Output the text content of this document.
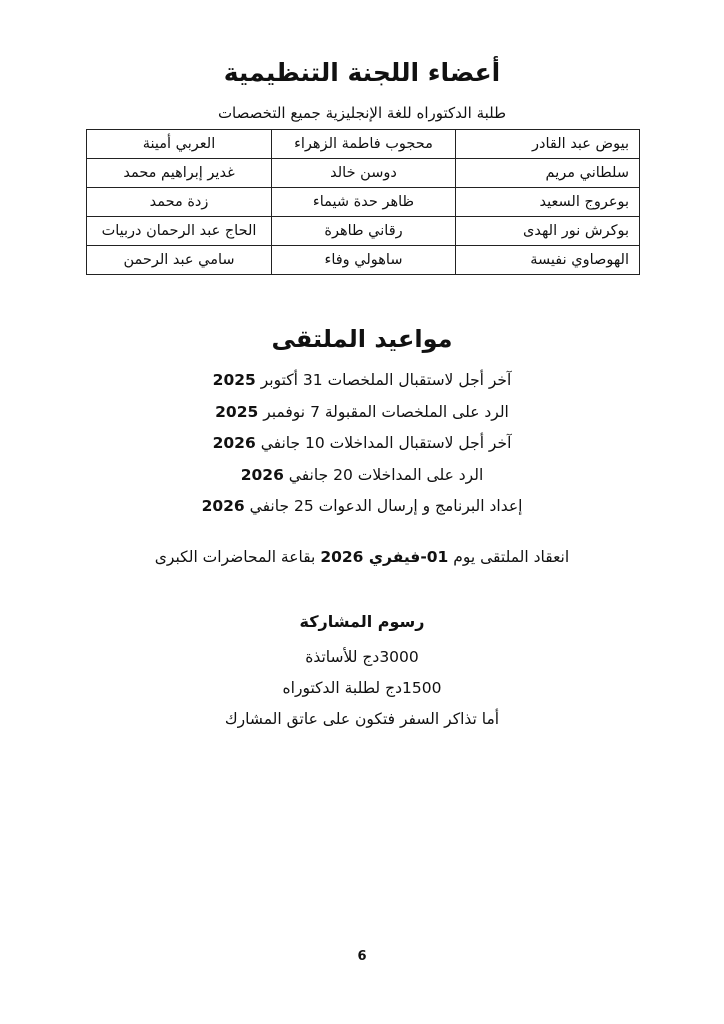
أعضاء اللجنة التنظيمية
طلبة الدكتوراه للغة الإنجليزية جميع التخصصات
بيوض عبد القادر	محجوب فاطمة الزهراء	العربي أمينة
سلطاني مريم	دوسن خالد	غدير إبراهيم محمد
بوعروج السعيد	ظاهر حدة شيماء	زدة محمد
بوكرش نور الهدى	رقاني طاهرة	الحاج عبد الرحمان دربيات
الهوصاوي نفيسة	ساهولي وفاء	سامي عبد الرحمن
مواعيد الملتقى
آخر أجل لاستقبال الملخصات 31 أكتوبر 2025
الرد على الملخصات المقبولة 7 نوفمبر 2025
آخر أجل لاستقبال المداخلات 10 جانفي 2026
الرد على المداخلات 20 جانفي 2026
إعداد البرنامج و إرسال الدعوات 25 جانفي 2026
انعقاد الملتقى يوم 01-فيفري 2026 بقاعة المحاضرات الكبرى
رسوم المشاركة
3000دج للأساتذة
1500دج لطلبة الدكتوراه
أما تذاكر السفر فتكون على عاتق المشارك
6
